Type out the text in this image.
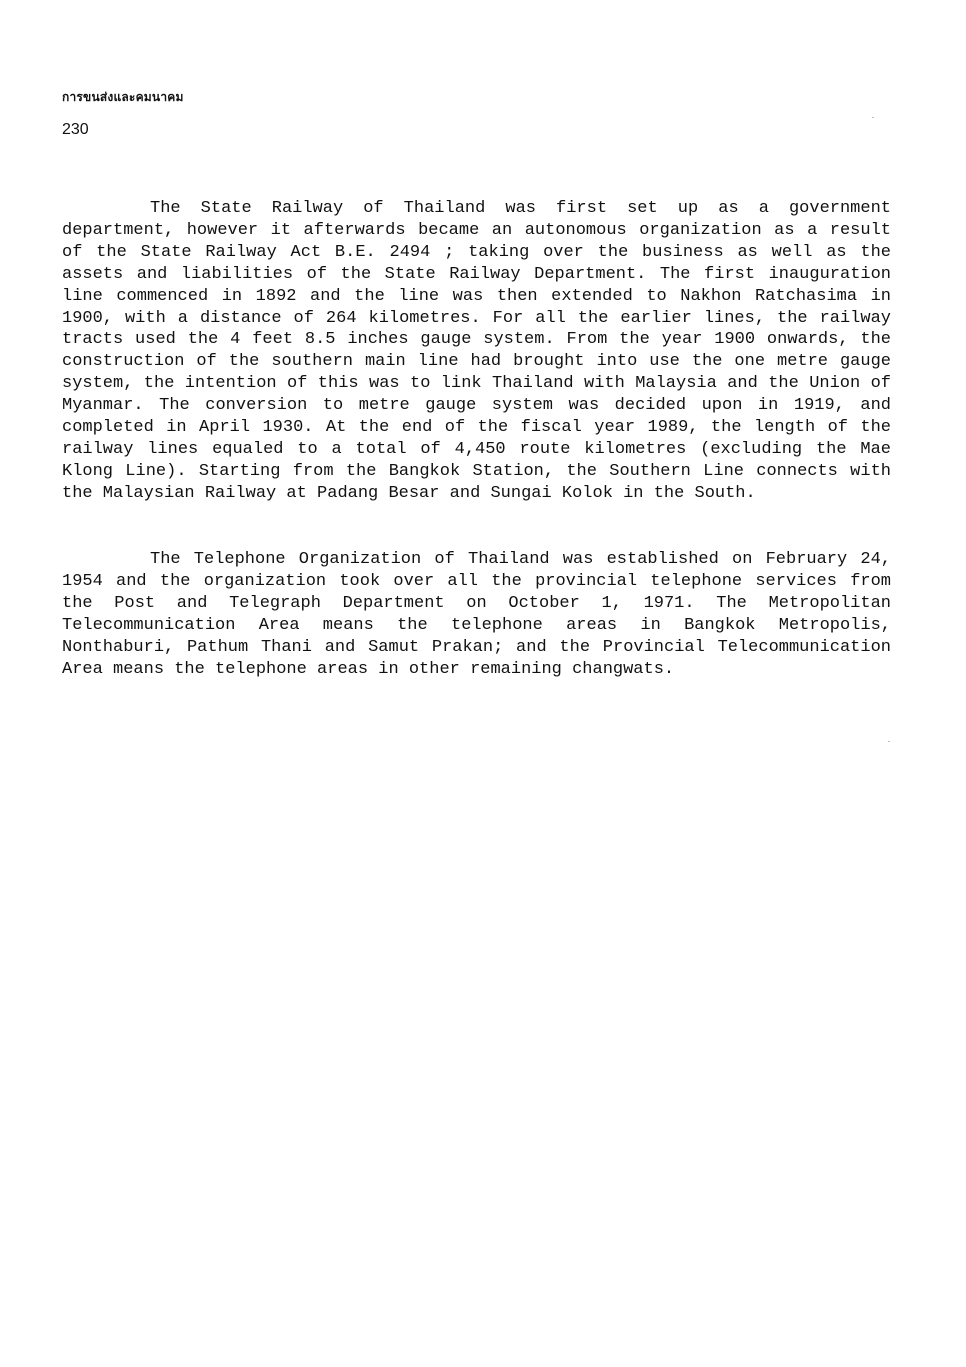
การขนส่งและคมนาคม
230

The State Railway of Thailand was first set up as a government department, however it afterwards became an autonomous organization as a result of the State Railway Act B.E. 2494 ; taking over the business as well as the assets and liabilities of the State Railway Department. The first inauguration line commenced in 1892 and the line was then extended to Nakhon Ratchasima in 1900, with a distance of 264 kilometres. For all the earlier lines, the railway tracts used the 4 feet 8.5 inches gauge system. From the year 1900 onwards, the construction of the southern main line had brought into use the one metre gauge system, the intention of this was to link Thailand with Malaysia and the Union of Myanmar. The conversion to metre gauge system was decided upon in 1919, and completed in April 1930. At the end of the fiscal year 1989, the length of the railway lines equaled to a total of 4,450 route kilometres (excluding the Mae Klong Line). Starting from the Bangkok Station, the Southern Line connects with the Malaysian Railway at Padang Besar and Sungai Kolok in the South.

The Telephone Organization of Thailand was established on February 24, 1954 and the organization took over all the provincial telephone services from the Post and Telegraph Department on October 1, 1971. The Metropolitan Telecommunication Area means the telephone areas in Bangkok Metropolis, Nonthaburi, Pathum Thani and Samut Prakan; and the Provincial Telecommunication Area means the telephone areas in other remaining changwats.
